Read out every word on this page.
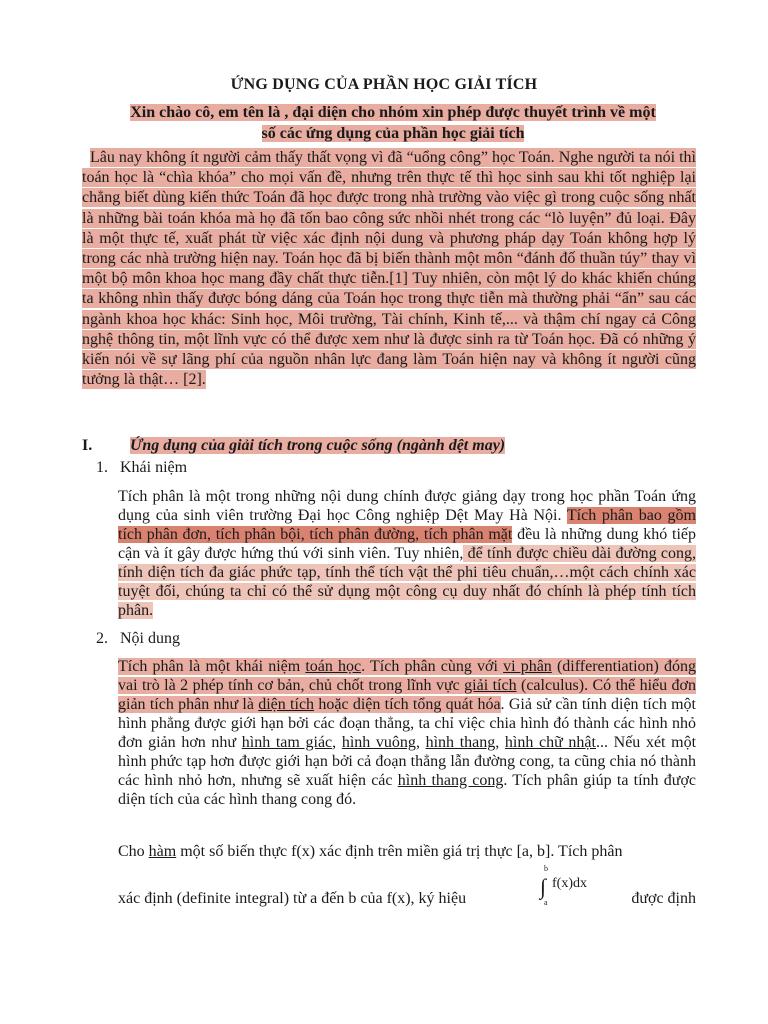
ỨNG DỤNG CỦA PHẦN HỌC GIẢI TÍCH
Xin chào cô, em tên là , đại diện cho nhóm xin phép được thuyết trình về một
số các ứng dụng của phần học giải tích
Lâu nay không ít người cảm thấy thất vọng vì đã “uổng công” học Toán. Nghe người ta nói thì toán học là “chìa khóa” cho mọi vấn đề, nhưng trên thực tế thì học sinh sau khi tốt nghiệp lại chẳng biết dùng kiến thức Toán đã học được trong nhà trường vào việc gì trong cuộc sống nhất là những bài toán khóa mà họ đã tốn bao công sức nhồi nhét trong các “lò luyện” đủ loại. Đây là một thực tế, xuất phát từ việc xác định nội dung và phương pháp dạy Toán không hợp lý trong các nhà trường hiện nay. Toán học đã bị biến thành một môn “đánh đố thuần túy” thay vì một bộ môn khoa học mang đầy chất thực tiễn.[1] Tuy nhiên, còn một lý do khác khiến chúng ta không nhìn thấy được bóng dáng của Toán học trong thực tiễn mà thường phải “ẩn” sau các ngành khoa học khác: Sinh học, Môi trường, Tài chính, Kinh tế,... và thậm chí ngay cả Công nghệ thông tin, một lĩnh vực có thể được xem như là được sinh ra từ Toán học. Đã có những ý kiến nói về sự lãng phí của nguồn nhân lực đang làm Toán hiện nay và không ít người cũng tưởng là thật… [2].
I. Ứng dụng của giải tích trong cuộc sống (ngành dệt may)
1. Khái niệm
Tích phân là một trong những nội dung chính được giảng dạy trong học phần Toán ứng dụng của sinh viên trường Đại học Công nghiệp Dệt May Hà Nội. Tích phân bao gồm tích phân đơn, tích phân bội, tích phân đường, tích phân mặt đều là những dung khó tiếp cận và ít gây được hứng thú với sinh viên. Tuy nhiên, để tính được chiều dài đường cong, tính diện tích đa giác phức tạp, tính thể tích vật thể phi tiêu chuẩn,…một cách chính xác tuyệt đối, chúng ta chỉ có thể sử dụng một công cụ duy nhất đó chính là phép tính tích phân.
2. Nội dung
Tích phân là một khái niệm toán học. Tích phân cùng với vi phân (differentiation) đóng vai trò là 2 phép tính cơ bản, chủ chốt trong lĩnh vực giải tích (calculus). Có thể hiểu đơn giản tích phân như là diện tích hoặc diện tích tổng quát hóa. Giả sử cần tính diện tích một hình phẳng được giới hạn bởi các đoạn thẳng, ta chỉ việc chia hình đó thành các hình nhỏ đơn giản hơn như hình tam giác, hình vuông, hình thang, hình chữ nhật... Nếu xét một hình phức tạp hơn được giới hạn bởi cả đoạn thẳng lẫn đường cong, ta cũng chia nó thành các hình nhỏ hơn, nhưng sẽ xuất hiện các hình thang cong. Tích phân giúp ta tính được diện tích của các hình thang cong đó.
Cho hàm một số biến thực f(x) xác định trên miền giá trị thực [a, b]. Tích phân
b
∫
a
f(x)dx
xác định (definite integral) từ a đến b của f(x), ký hiệu	được định
